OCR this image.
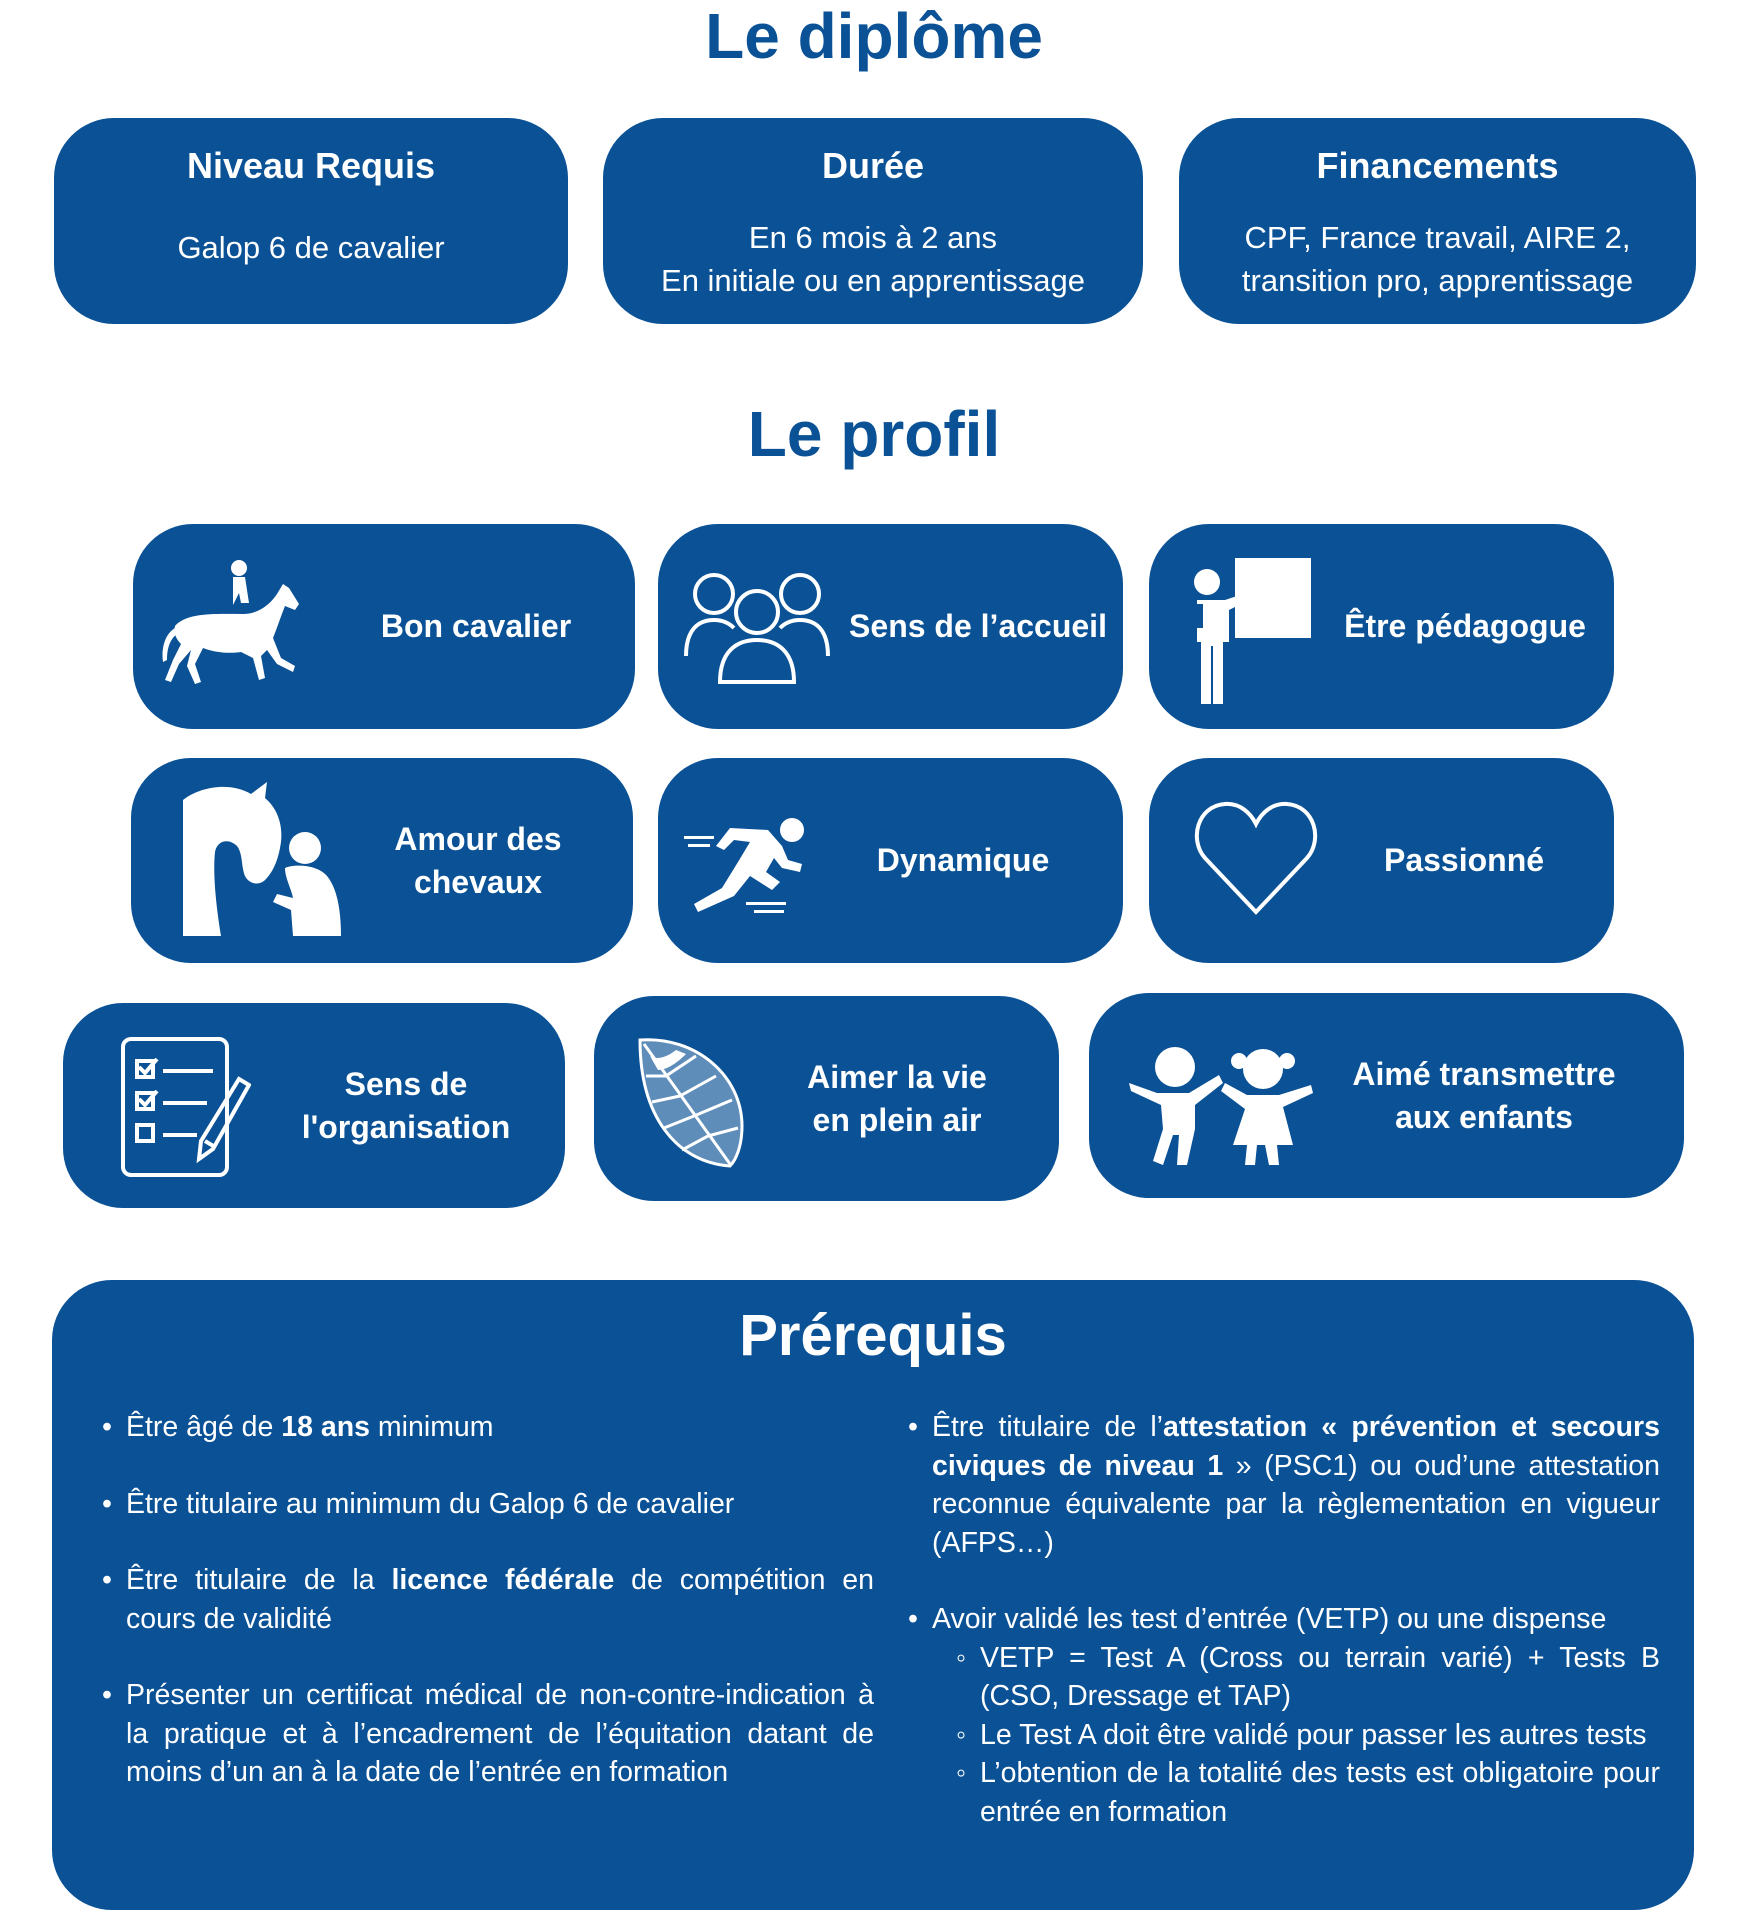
Le diplôme
Niveau Requis
Galop 6 de cavalier
Durée
En 6 mois à 2 ans
En initiale ou en apprentissage
Financements
CPF, France travail, AIRE 2,
transition pro, apprentissage
Le profil
Bon cavalier	Sens de l’accueil	Être pédagogue
Amour des
chevaux
Dynamique	Passionné
Sens de
l'organisation
Aimer la vie
en plein air
Aimé transmettre
aux enfants
Prérequis
• Être âgé de 18 ans minimum
• Être titulaire au minimum du Galop 6 de cavalier
• Être titulaire de la licence fédérale de compétition en cours de validité
• Présenter un certificat médical de non-contre-indication à la pratique et à l’encadrement de l’équitation datant de moins d’un an à la date de l’entrée en formation
• Être titulaire de l’attestation « prévention et secours civiques de niveau 1 » (PSC1) ou oud’une attestation reconnue équivalente par la règlementation en vigueur (AFPS…)
• Avoir validé les test d’entrée (VETP) ou une dispense
◦ VETP = Test A (Cross ou terrain varié) + Tests B (CSO, Dressage et TAP)
◦ Le Test A doit être validé pour passer les autres tests
◦ L’obtention de la totalité des tests est obligatoire pour entrée en formation
